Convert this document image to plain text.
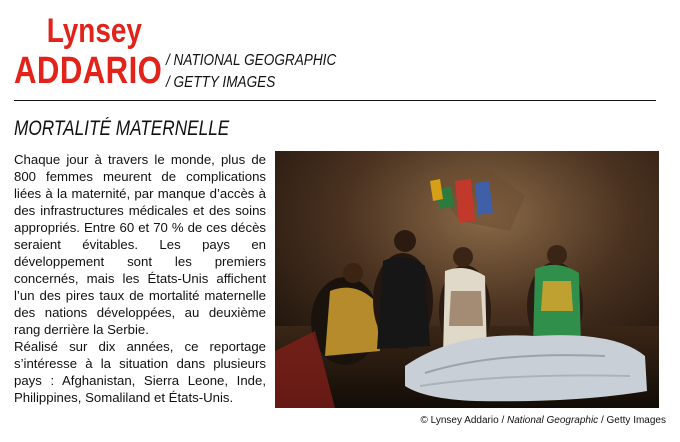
Lynsey
ADDARIO / NATIONAL GEOGRAPHIC
/ GETTY IMAGES
MORTALITÉ MATERNELLE

Chaque jour à travers le monde, plus de 800 femmes meurent de complications liées à la maternité, par manque d’accès à des infrastructures médicales et des soins appropriés. Entre 60 et 70 % de ces décès seraient évitables. Les pays en développement sont les premiers concernés, mais les États-Unis affichent l’un des pires taux de mortalité maternelle des nations développées, au deuxième rang derrière la Serbie.

Réalisé sur dix années, ce reportage s’intéresse à la situation dans plusieurs pays : Afghanistan, Sierra Leone, Inde, Philippines, Somaliland et États-Unis.

© Lynsey Addario / National Geographic / Getty Images
